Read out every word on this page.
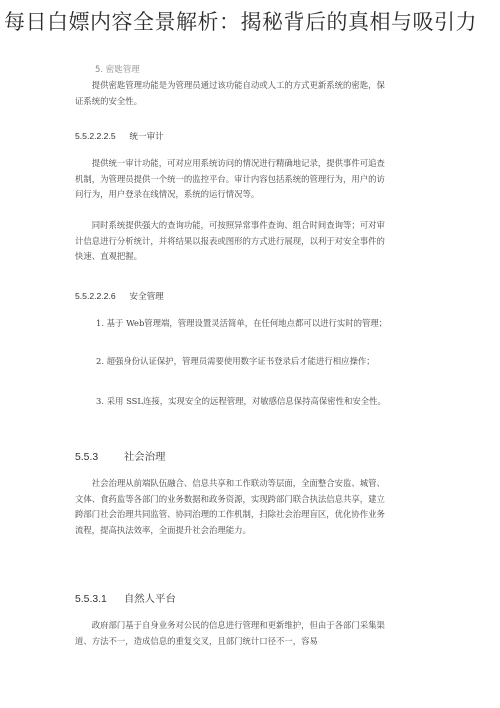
5. 密匙管理
提供密匙管理功能是为管理员通过该功能自动或人工的方式更新系统的密匙，保证系统的安全性。
5.5.2.2.2.5 统一审计
提供统一审计功能，可对应用系统访问的情况进行精确地记录，提供事件可追查机制，为管理员提供一个统一的监控平台。审计内容包括系统的管理行为，用户的访问行为，用户登录在线情况，系统的运行情况等。
同时系统提供强大的查询功能，可按照异常事件查询、组合时间查询等；可对审计信息进行分析统计，并将结果以报表或图形的方式进行展现，以利于对安全事件的快速、直观把握。
5.5.2.2.2.6 安全管理
1. 基于 Web管理端，管理设置灵活简单，在任何地点都可以进行实时的管理；
2. 超强身份认证保护，管理员需要使用数字证书登录后才能进行相应操作；
3. 采用 SSL连接，实现安全的远程管理，对敏感信息保持高保密性和安全性。
5.5.3 社会治理
社会治理从前端队伍融合、信息共享和工作联动等层面，全面整合安监、城管、文体、食药监等各部门的业务数据和政务资源，实现跨部门联合执法信息共享，建立跨部门社会治理共同监管、协同治理的工作机制，扫除社会治理盲区，优化协作业务流程，提高执法效率，全面提升社会治理能力。
5.5.3.1 自然人平台
政府部门基于自身业务对公民的信息进行管理和更新维护，但由于各部门采集渠道、方法不一，造成信息的重复交叉，且部门统计口径不一，容易
每日白嫖内容全景解析：揭秘背后的真相与吸引力
